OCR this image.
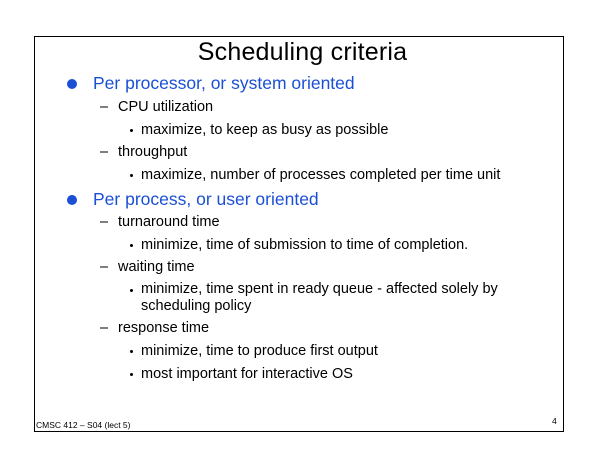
Scheduling criteria
Per processor, or system oriented
– CPU utilization
maximize, to keep as busy as possible
– throughput
maximize, number of processes completed per time unit
Per process, or user oriented
– turnaround time
minimize, time of submission to time of completion.
– waiting time
minimize, time spent in ready queue - affected solely by
scheduling policy
– response time
minimize, time to produce first output
most important for interactive OS
CMSC 412 – S04 (lect 5)	4
